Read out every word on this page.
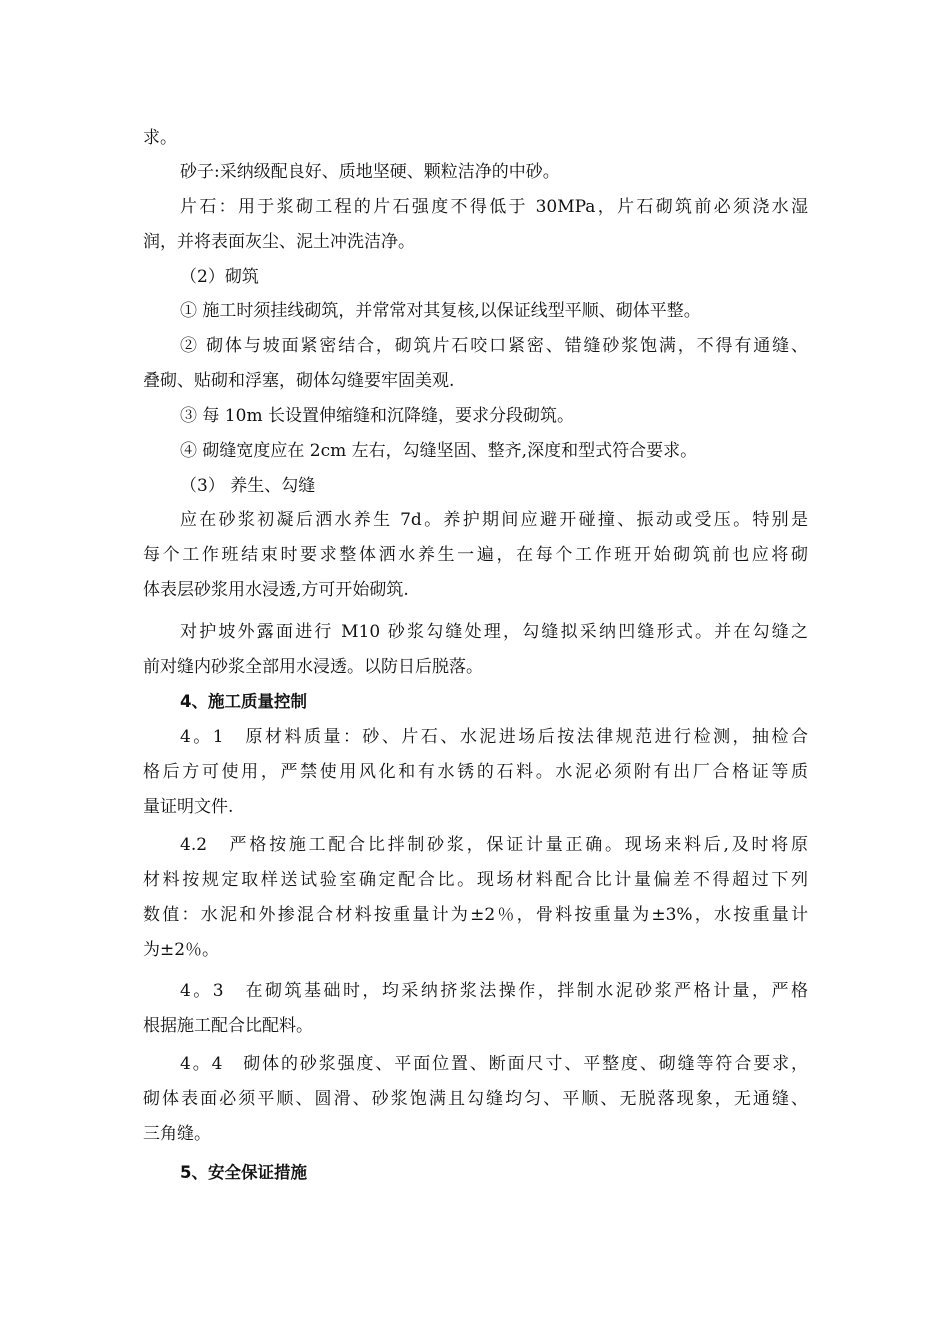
求。
砂子:采纳级配良好、质地坚硬、颗粒洁净的中砂。
片石：用于浆砌工程的片石强度不得低于 30MPa，片石砌筑前必须浇水湿
润，并将表面灰尘、泥土冲洗洁净。
（2）砌筑
① 施工时须挂线砌筑，并常常对其复核,以保证线型平顺、砌体平整。
② 砌体与坡面紧密结合，砌筑片石咬口紧密、错缝砂浆饱满，不得有通缝、
叠砌、贴砌和浮塞，砌体勾缝要牢固美观.
③ 每 10m 长设置伸缩缝和沉降缝，要求分段砌筑。
④ 砌缝宽度应在 2cm 左右，勾缝坚固、整齐,深度和型式符合要求。
（3） 养生、勾缝
应在砂浆初凝后洒水养生 7d。养护期间应避开碰撞、振动或受压。特别是
每个工作班结束时要求整体洒水养生一遍，在每个工作班开始砌筑前也应将砌
体表层砂浆用水浸透,方可开始砌筑.
对护坡外露面进行 M10 砂浆勾缝处理，勾缝拟采纳凹缝形式。并在勾缝之
前对缝内砂浆全部用水浸透。以防日后脱落。
4、施工质量控制
4。1　原材料质量：砂、片石、水泥进场后按法律规范进行检测，抽检合
格后方可使用，严禁使用风化和有水锈的石料。水泥必须附有出厂合格证等质
量证明文件.
4.2　严格按施工配合比拌制砂浆，保证计量正确。现场来料后,及时将原
材料按规定取样送试验室确定配合比。现场材料配合比计量偏差不得超过下列
数值：水泥和外掺混合材料按重量计为±2％，骨料按重量为±3%，水按重量计
为±2％。
4。3　在砌筑基础时，均采纳挤浆法操作，拌制水泥砂浆严格计量，严格
根据施工配合比配料。
4。4　砌体的砂浆强度、平面位置、断面尺寸、平整度、砌缝等符合要求，
砌体表面必须平顺、圆滑、砂浆饱满且勾缝均匀、平顺、无脱落现象，无通缝、
三角缝。
5、安全保证措施
